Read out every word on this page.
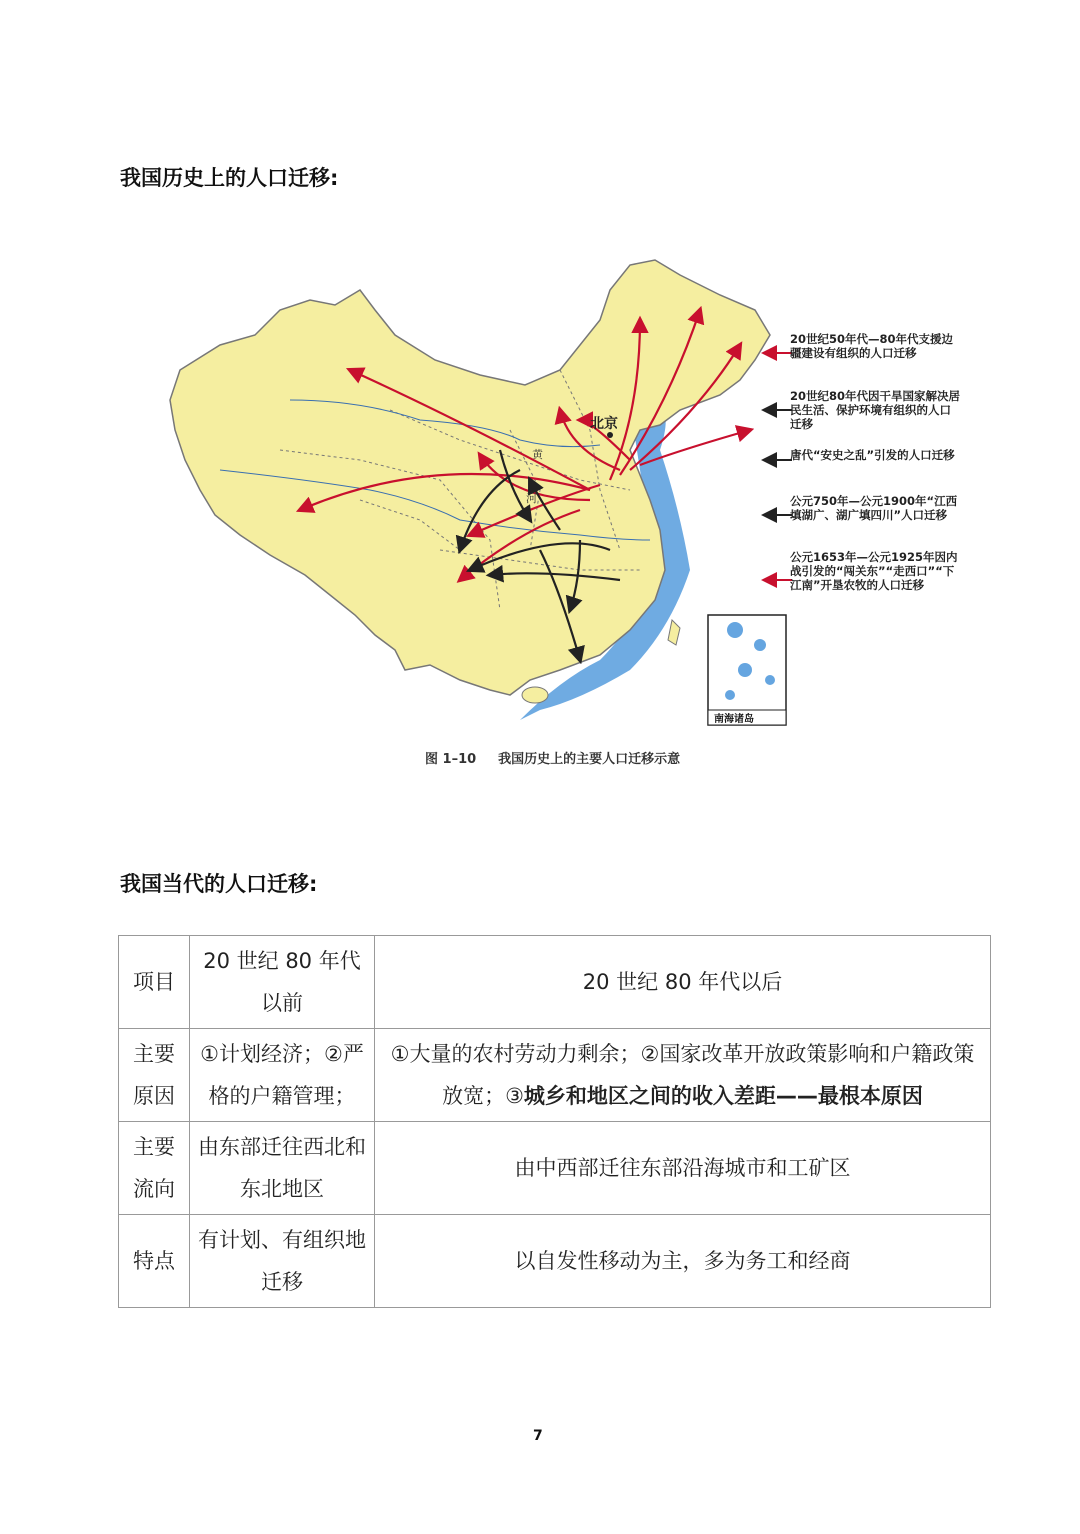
我国历史上的人口迁移:
北京
黄
河
南海诸岛
20世纪50年代—80年代支援边疆建设有组织的人口迁移
20世纪80年代因干旱国家解决居民生活、保护环境有组织的人口迁移
唐代“安史之乱”引发的人口迁移
公元750年—公元1900年“江西填湖广、湖广填四川”人口迁移
公元1653年—公元1925年因内战引发的“闯关东”“走西口”“下江南”开垦农牧的人口迁移
图 1–10 我国历史上的主要人口迁移示意
我国当代的人口迁移:
项目	20 世纪 80 年代以前	20 世纪 80 年代以后
主要原因	①计划经济；②严格的户籍管理；	①大量的农村劳动力剩余；②国家改革开放政策影响和户籍政策放宽；③城乡和地区之间的收入差距——最根本原因
主要流向	由东部迁往西北和东北地区	由中西部迁往东部沿海城市和工矿区
特点	有计划、有组织地迁移	以自发性移动为主，多为务工和经商
7
